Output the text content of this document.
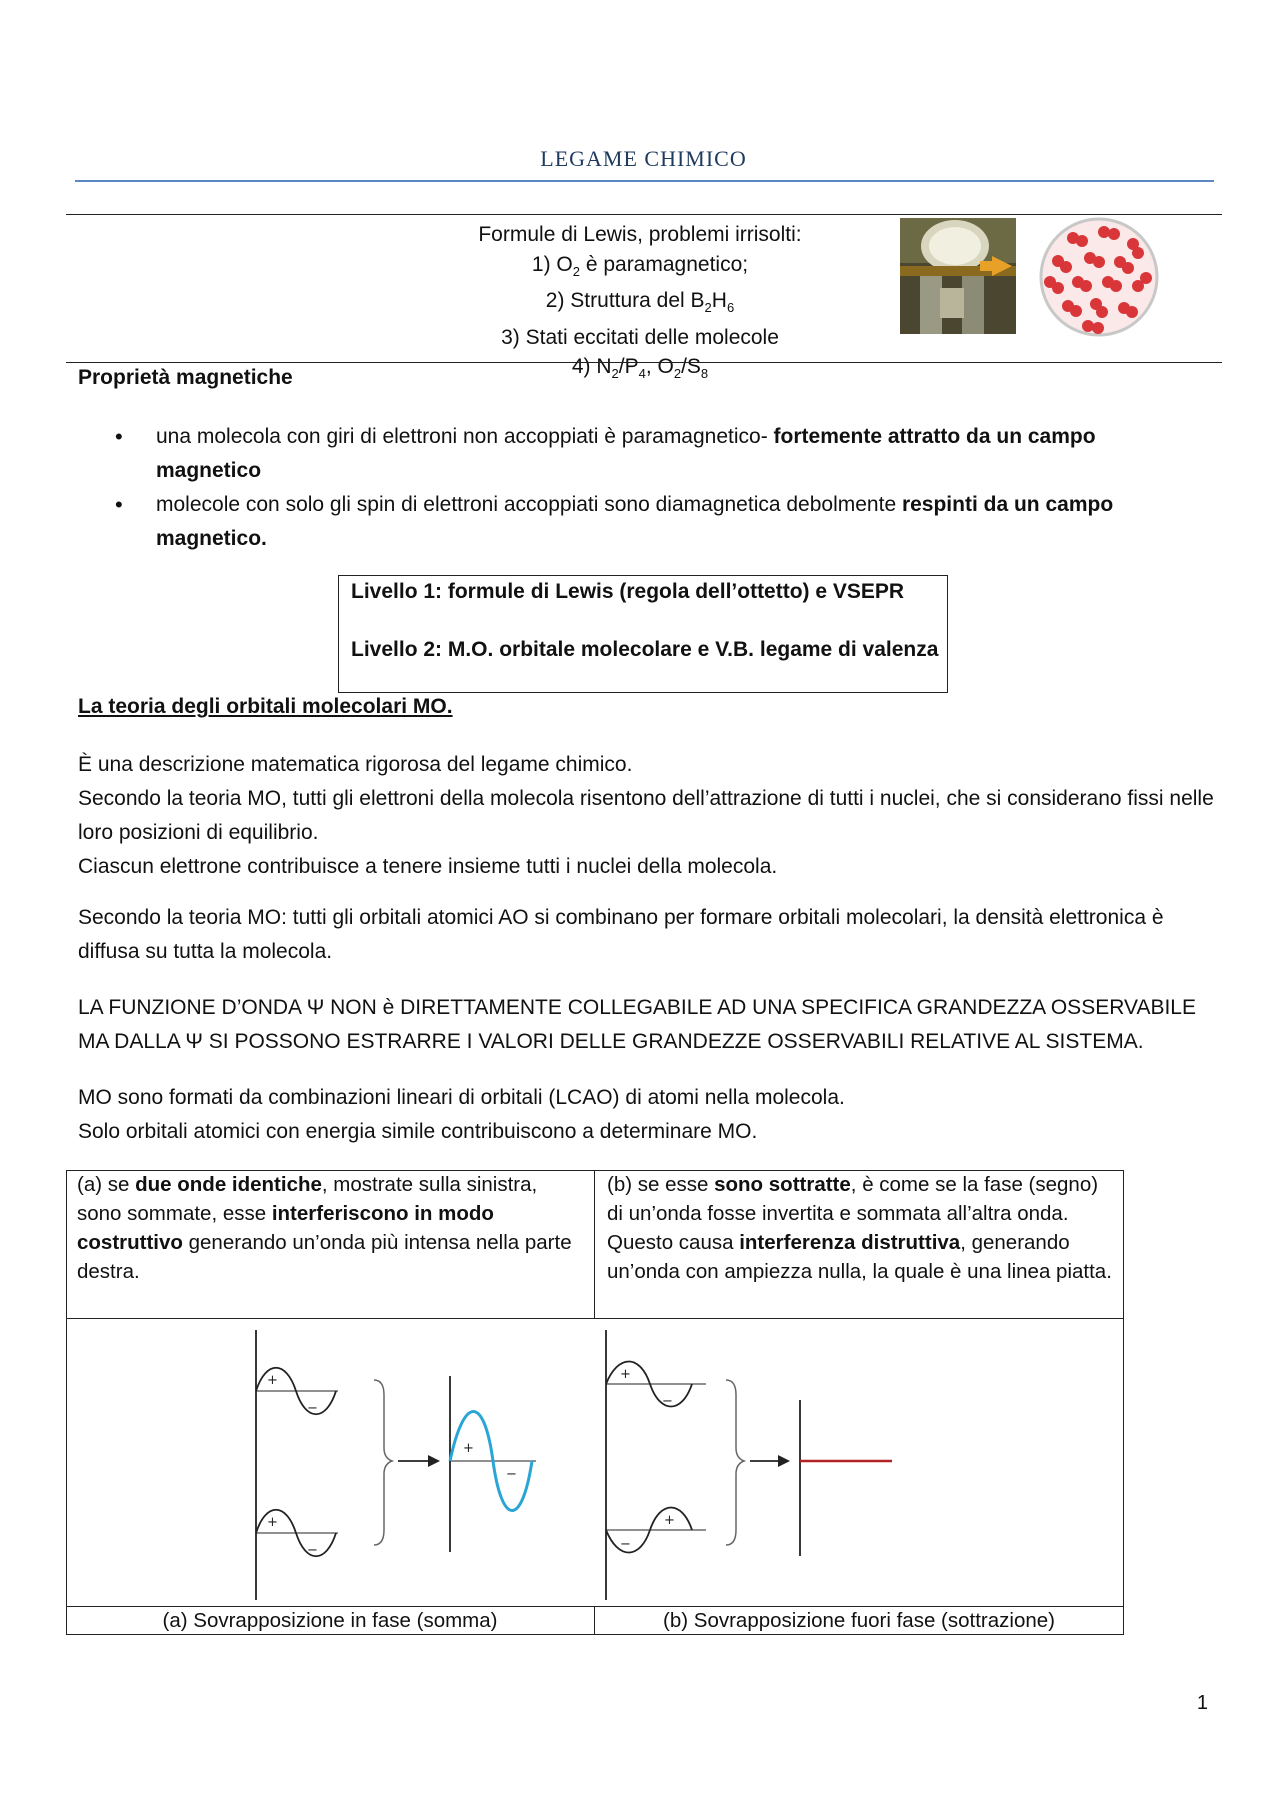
LEGAME CHIMICO
Formule di Lewis, problemi irrisolti:
1) $O_2$ è paramagnetico;
2) Struttura del $B_2H_6$
3) Stati eccitati delle molecole
4) $N_2/P_4$, $O_2/S_8$
Proprietà magnetiche
• una molecola con giri di elettroni non accoppiati è paramagnetico- fortemente attratto da un campo magnetico
• molecole con solo gli spin di elettroni accoppiati sono diamagnetica debolmente respinti da un campo magnetico.
Livello 1: formule di Lewis (regola dell’ottetto) e VSEPR
Livello 2: M.O. orbitale molecolare e V.B. legame di valenza
La teoria degli orbitali molecolari MO.
È una descrizione matematica rigorosa del legame chimico.
Secondo la teoria MO, tutti gli elettroni della molecola risentono dell’attrazione di tutti i nuclei, che si considerano fissi nelle loro posizioni di equilibrio.
Ciascun elettrone contribuisce a tenere insieme tutti i nuclei della molecola.
Secondo la teoria MO: tutti gli orbitali atomici AO si combinano per formare orbitali molecolari, la densità elettronica è diffusa su tutta la molecola.
LA FUNZIONE D’ONDA Ψ NON è DIRETTAMENTE COLLEGABILE AD UNA SPECIFICA GRANDEZZA OSSERVABILE MA DALLA Ψ SI POSSONO ESTRARRE I VALORI DELLE GRANDEZZE OSSERVABILI RELATIVE AL SISTEMA.
MO sono formati da combinazioni lineari di orbitali (LCAO) di atomi nella molecola.
Solo orbitali atomici con energia simile contribuiscono a determinare MO.
(a) se due onde identiche, mostrate sulla sinistra, sono sommate, esse interferiscono in modo costruttivo generando un’onda più intensa nella parte destra.
(b) se esse sono sottratte, è come se la fase (segno) di un’onda fosse invertita e sommata all’altra onda. Questo causa interferenza distruttiva, generando un’onda con ampiezza nulla, la quale è una linea piatta.
+
−
+
−
+
−
+
−
−
+
(a) Sovrapposizione in fase (somma)	(b) Sovrapposizione fuori fase (sottrazione)
1
